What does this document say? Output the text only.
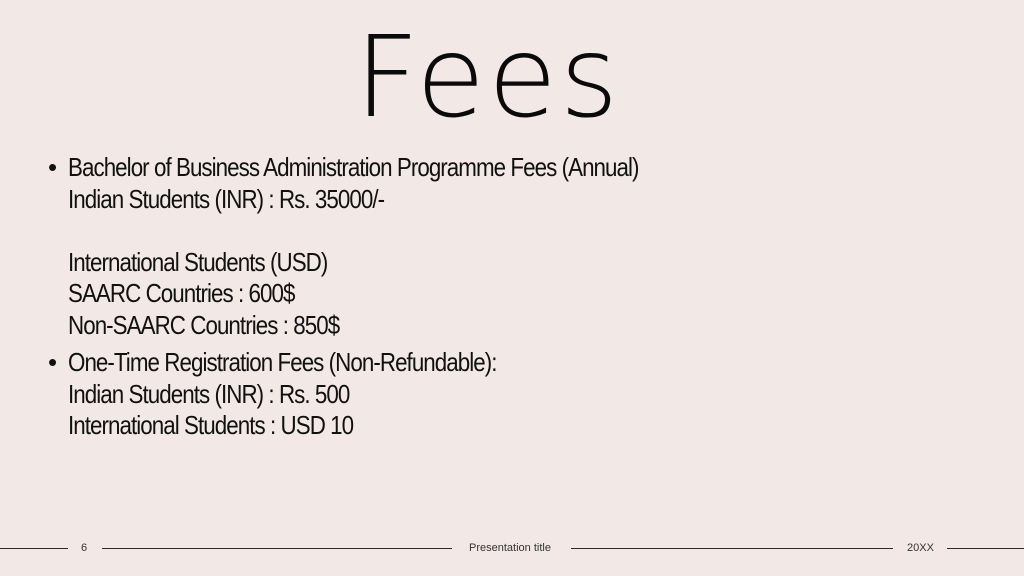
Fees
• Bachelor of Business Administration Programme Fees (Annual)
Indian Students (INR) : Rs. 35000/-
International Students (USD)
SAARC Countries : 600$
Non-SAARC Countries : 850$
• One-Time Registration Fees (Non-Refundable):
Indian Students (INR) : Rs. 500
International Students : USD 10
6	Presentation title	20XX
